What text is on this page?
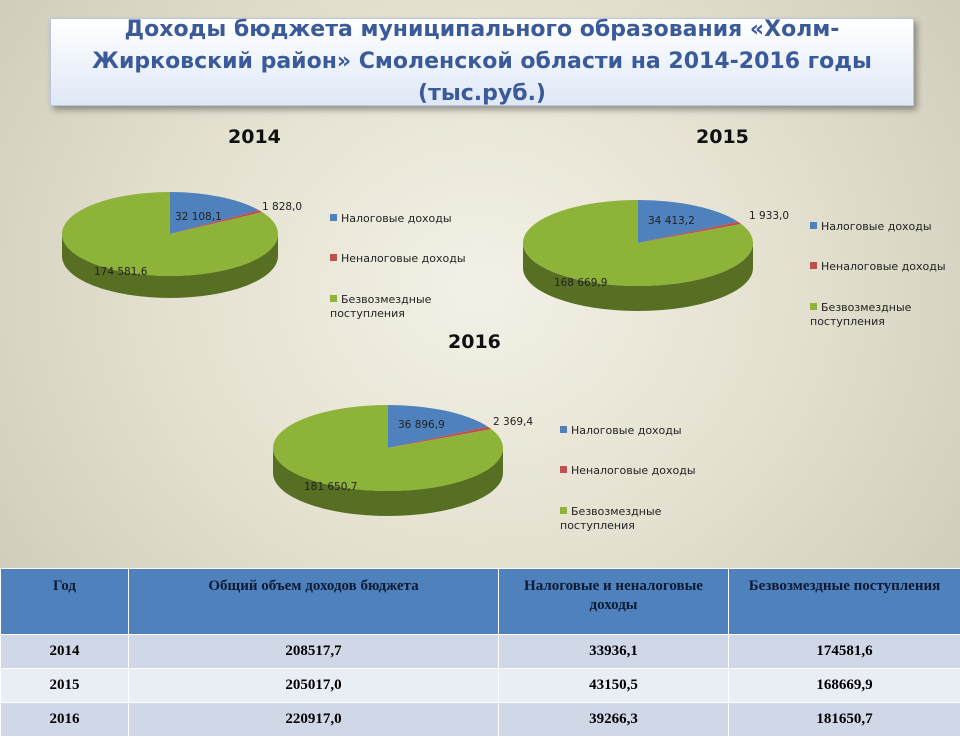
Доходы бюджета муниципального образования «Холм-Жирковский район» Смоленской области на 2014-2016 годы (тыс.руб.)
2014
32 108,1
1 828,0
174 581,6
Налоговые доходы
Неналоговые доходы
Безвозмездные поступления
2015
34 413,2	1 933,0
168 669,9
Налоговые доходы
Неналоговые доходы
Безвозмездные поступления
2016
36 896,9	2 369,4
181 650,7
Налоговые доходы
Неналоговые доходы
Безвозмездные поступления
Год	Общий объем доходов бюджета	Налоговые и неналоговые доходы	Безвозмездные поступления
2014	208517,7	33936,1	174581,6
2015	205017,0	43150,5	168669,9
2016	220917,0	39266,3	181650,7
